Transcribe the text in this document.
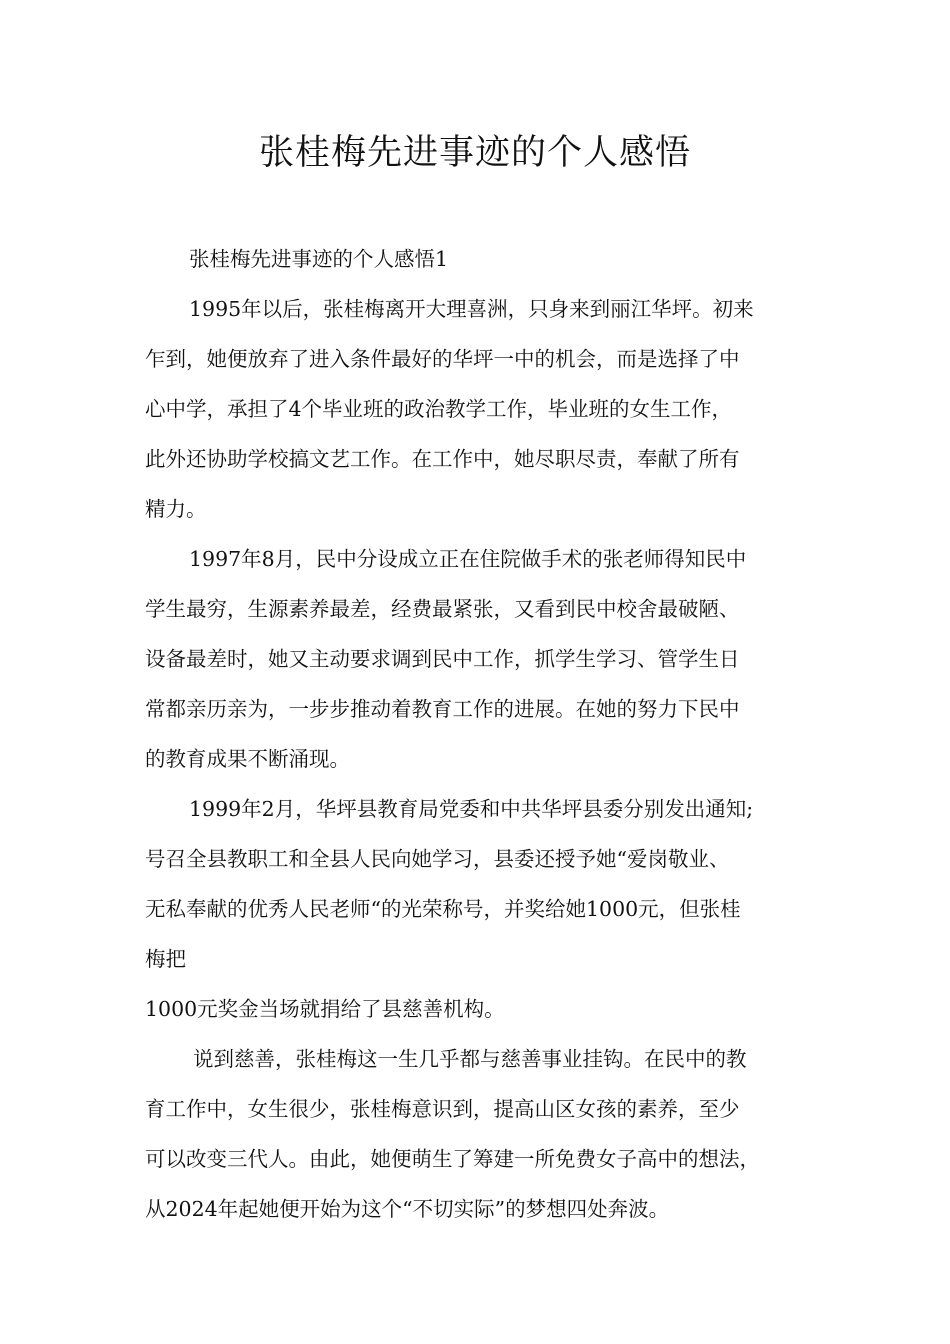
张桂梅先进事迹的个人感悟
张桂梅先进事迹的个人感悟1
1995年以后，张桂梅离开大理喜洲，只身来到丽江华坪。初来
乍到，她便放弃了进入条件最好的华坪一中的机会，而是选择了中
心中学，承担了4个毕业班的政治教学工作，毕业班的女生工作，
此外还协助学校搞文艺工作。在工作中，她尽职尽责，奉献了所有
精力。
1997年8月，民中分设成立正在住院做手术的张老师得知民中
学生最穷，生源素养最差，经费最紧张，又看到民中校舍最破陋、
设备最差时，她又主动要求调到民中工作，抓学生学习、管学生日
常都亲历亲为，一步步推动着教育工作的进展。在她的努力下民中
的教育成果不断涌现。
1999年2月，华坪县教育局党委和中共华坪县委分别发出通知;
号召全县教职工和全县人民向她学习，县委还授予她“爱岗敬业、
无私奉献的优秀人民老师“的光荣称号，并奖给她1000元，但张桂
梅把
1000元奖金当场就捐给了县慈善机构。
说到慈善，张桂梅这一生几乎都与慈善事业挂钩。在民中的教
育工作中，女生很少，张桂梅意识到，提高山区女孩的素养，至少
可以改变三代人。由此，她便萌生了筹建一所免费女子高中的想法，
从2024年起她便开始为这个“不切实际”的梦想四处奔波。
